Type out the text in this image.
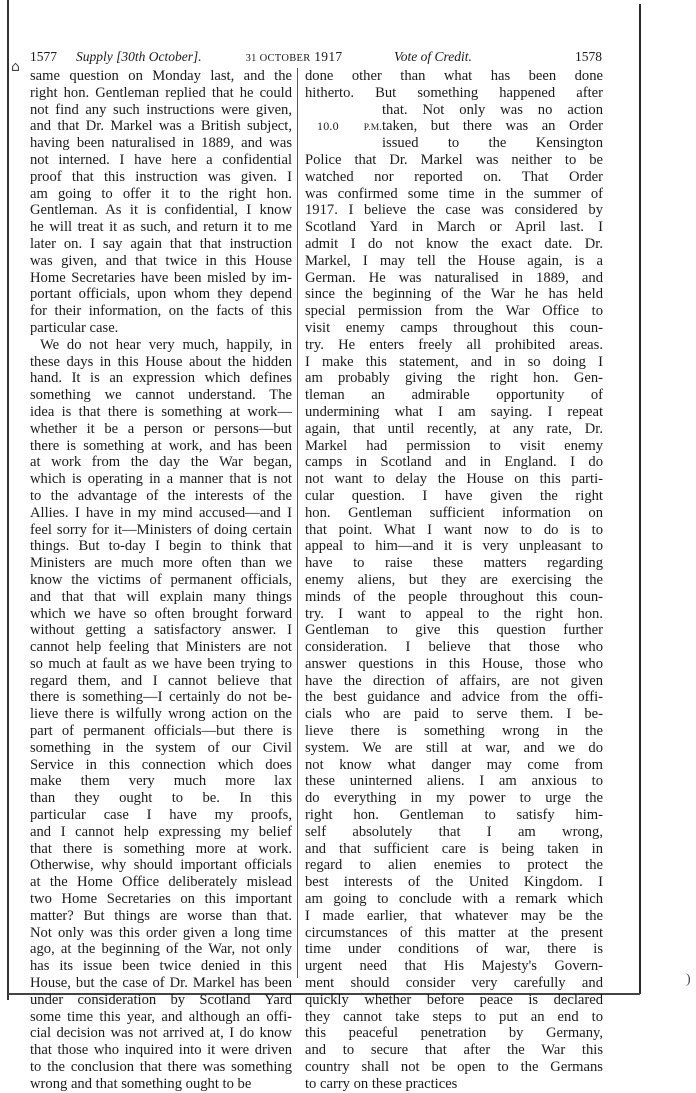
⌂
)
1577	Supply [30th October].	31 OCTOBER 1917	Vote of Credit.	1578
same question on Monday last, and the
right hon. Gentleman replied that he could
not find any such instructions were given,
and that Dr. Markel was a British subject,
having been naturalised in 1889, and was
not interned. I have here a confidential
proof that this instruction was given. I
am going to offer it to the right hon.
Gentleman. As it is confidential, I know
he will treat it as such, and return it to me
later on. I say again that that instruction
was given, and that twice in this House
Home Secretaries have been misled by im-
portant officials, upon whom they depend
for their information, on the facts of this
particular case.
We do not hear very much, happily, in
these days in this House about the hidden
hand. It is an expression which defines
something we cannot understand. The
idea is that there is something at work—
whether it be a person or persons—but
there is something at work, and has been
at work from the day the War began,
which is operating in a manner that is not
to the advantage of the interests of the
Allies. I have in my mind accused—and I
feel sorry for it—Ministers of doing certain
things. But to-day I begin to think that
Ministers are much more often than we
know the victims of permanent officials,
and that that will explain many things
which we have so often brought forward
without getting a satisfactory answer. I
cannot help feeling that Ministers are not
so much at fault as we have been trying to
regard them, and I cannot believe that
there is something—I certainly do not be-
lieve there is wilfully wrong action on the
part of permanent officials—but there is
something in the system of our Civil
Service in this connection which does
make them very much more lax
than they ought to be. In this
particular case I have my proofs,
and I cannot help expressing my belief
that there is something more at work.
Otherwise, why should important officials
at the Home Office deliberately mislead
two Home Secretaries on this important
matter? But things are worse than that.
Not only was this order given a long time
ago, at the beginning of the War, not only
has its issue been twice denied in this
House, but the case of Dr. Markel has been
under consideration by Scotland Yard
some time this year, and although an offi-
cial decision was not arrived at, I do know
that those who inquired into it were driven
to the conclusion that there was something
wrong and that something ought to be
done other than what has been done
hitherto. But something happened after
that. Not only was no action
10.0 P.M. taken, but there was an Order
issued to the Kensington
Police that Dr. Markel was neither to be
watched nor reported on. That Order
was confirmed some time in the summer of
1917. I believe the case was considered by
Scotland Yard in March or April last. I
admit I do not know the exact date. Dr.
Markel, I may tell the House again, is a
German. He was naturalised in 1889, and
since the beginning of the War he has held
special permission from the War Office to
visit enemy camps throughout this coun-
try. He enters freely all prohibited areas.
I make this statement, and in so doing I
am probably giving the right hon. Gen-
tleman an admirable opportunity of
undermining what I am saying. I repeat
again, that until recently, at any rate, Dr.
Markel had permission to visit enemy
camps in Scotland and in England. I do
not want to delay the House on this parti-
cular question. I have given the right
hon. Gentleman sufficient information on
that point. What I want now to do is to
appeal to him—and it is very unpleasant to
have to raise these matters regarding
enemy aliens, but they are exercising the
minds of the people throughout this coun-
try. I want to appeal to the right hon.
Gentleman to give this question further
consideration. I believe that those who
answer questions in this House, those who
have the direction of affairs, are not given
the best guidance and advice from the offi-
cials who are paid to serve them. I be-
lieve there is something wrong in the
system. We are still at war, and we do
not know what danger may come from
these uninterned aliens. I am anxious to
do everything in my power to urge the
right hon. Gentleman to satisfy him-
self absolutely that I am wrong,
and that sufficient care is being taken in
regard to alien enemies to protect the
best interests of the United Kingdom. I
am going to conclude with a remark which
I made earlier, that whatever may be the
circumstances of this matter at the present
time under conditions of war, there is
urgent need that His Majesty's Govern-
ment should consider very carefully and
quickly whether before peace is declared
they cannot take steps to put an end to
this peaceful penetration by Germany,
and to secure that after the War this
country shall not be open to the Germans
to carry on these practices
